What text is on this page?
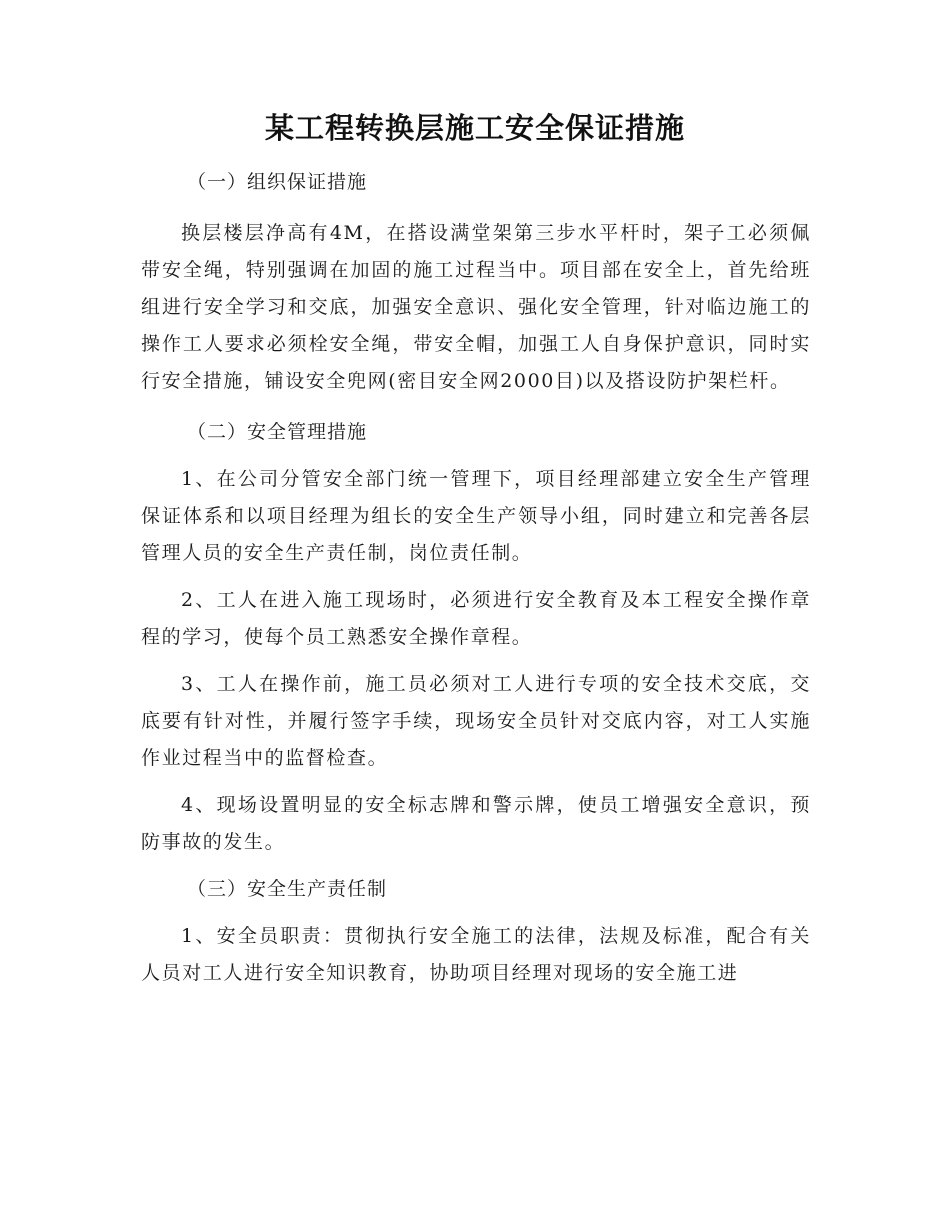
某工程转换层施工安全保证措施

（一）组织保证措施

换层楼层净高有4M，在搭设满堂架第三步水平杆时，架子工必须佩带安全绳，特别强调在加固的施工过程当中。项目部在安全上，首先给班组进行安全学习和交底，加强安全意识、强化安全管理，针对临边施工的操作工人要求必须栓安全绳，带安全帽，加强工人自身保护意识，同时实行安全措施，铺设安全兜网(密目安全网2000目)以及搭设防护架栏杆。

（二）安全管理措施

1、在公司分管安全部门统一管理下，项目经理部建立安全生产管理保证体系和以项目经理为组长的安全生产领导小组，同时建立和完善各层管理人员的安全生产责任制，岗位责任制。

2、工人在进入施工现场时，必须进行安全教育及本工程安全操作章程的学习，使每个员工熟悉安全操作章程。

3、工人在操作前，施工员必须对工人进行专项的安全技术交底，交底要有针对性，并履行签字手续，现场安全员针对交底内容，对工人实施作业过程当中的监督检查。

4、现场设置明显的安全标志牌和警示牌，使员工增强安全意识，预防事故的发生。

（三）安全生产责任制

1、安全员职责：贯彻执行安全施工的法律，法规及标准，配合有关人员对工人进行安全知识教育，协助项目经理对现场的安全施工进
